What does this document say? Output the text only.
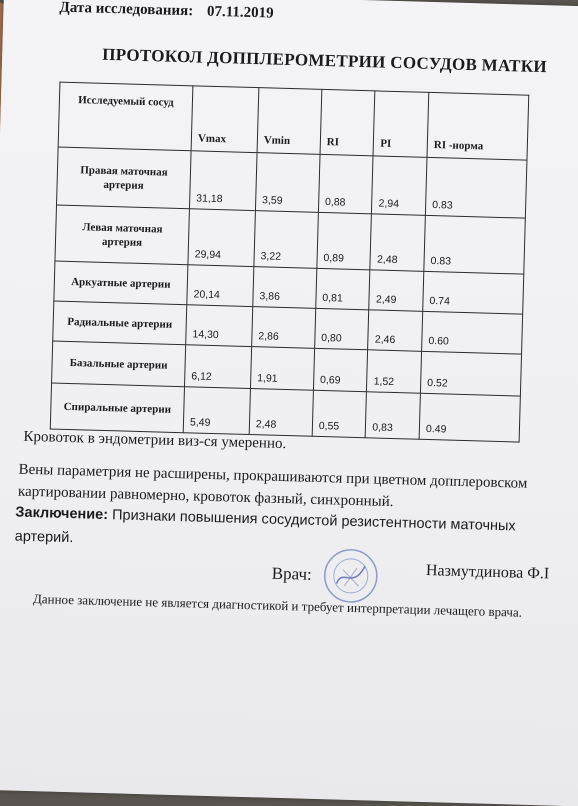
Дата исследования: 07.11.2019
ПРОТОКОЛ ДОППЛЕРОМЕТРИИ СОСУДОВ МАТКИ
Исследуемый сосуд	Vmax	Vmin	RI	PI	RI -норма
Правая маточная артерия	31,18	3,59	0,88	2,94	0.83
Левая маточная артерия	29,94	3,22	0,89	2,48	0.83
Аркуатные артерии	20,14	3,86	0,81	2,49	0.74
Радиальные артерии	14,30	2,86	0,80	2,46	0.60
Базальные артерии	6,12	1,91	0,69	1,52	0.52
Спиральные артерии	5,49	2,48	0,55	0,83	0.49
Кровоток в эндометрии виз-ся умеренно.
Вены параметрия не расширены, прокрашиваются при цветном допплеровском картировании равномерно, кровоток фазный, синхронный.
Заключение: Признаки повышения сосудистой резистентности маточных артерий.
Врач:	Назмутдинова Ф.I
Данное заключение не является диагностикой и требует интерпретации лечащего врача.
